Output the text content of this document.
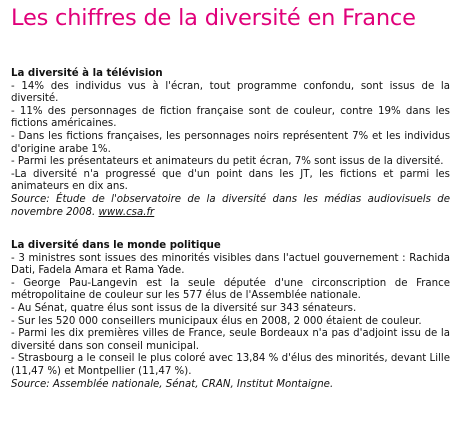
Les chiffres de la diversité en France
La diversité à la télévision

- 14% des individus vus à l'écran, tout programme confondu, sont issus de la diversité.

- 11% des personnages de fiction française sont de couleur, contre 19% dans les fictions américaines.

- Dans les fictions françaises, les personnages noirs représentent 7% et les individus d'origine arabe 1%.

- Parmi les présentateurs et animateurs du petit écran, 7% sont issus de la diversité.

-La diversité n'a progressé que d'un point dans les JT, les fictions et parmi les animateurs en dix ans.

Source: Étude de l'observatoire de la diversité dans les médias audiovisuels de novembre 2008. www.csa.fr

La diversité dans le monde politique

- 3 ministres sont issues des minorités visibles dans l'actuel gouvernement : Rachida Dati, Fadela Amara et Rama Yade.

- George Pau-Langevin est la seule députée d'une circonscription de France métropolitaine de couleur sur les 577 élus de l'Assemblée nationale.

- Au Sénat, quatre élus sont issus de la diversité sur 343 sénateurs.

- Sur les 520 000 conseillers municipaux élus en 2008, 2 000 étaient de couleur.

- Parmi les dix premières villes de France, seule Bordeaux n'a pas d'adjoint issu de la diversité dans son conseil municipal.

- Strasbourg a le conseil le plus coloré avec 13,84 % d'élus des minorités, devant Lille (11,47 %) et Montpellier (11,47 %).

Source: Assemblée nationale, Sénat, CRAN, Institut Montaigne.
